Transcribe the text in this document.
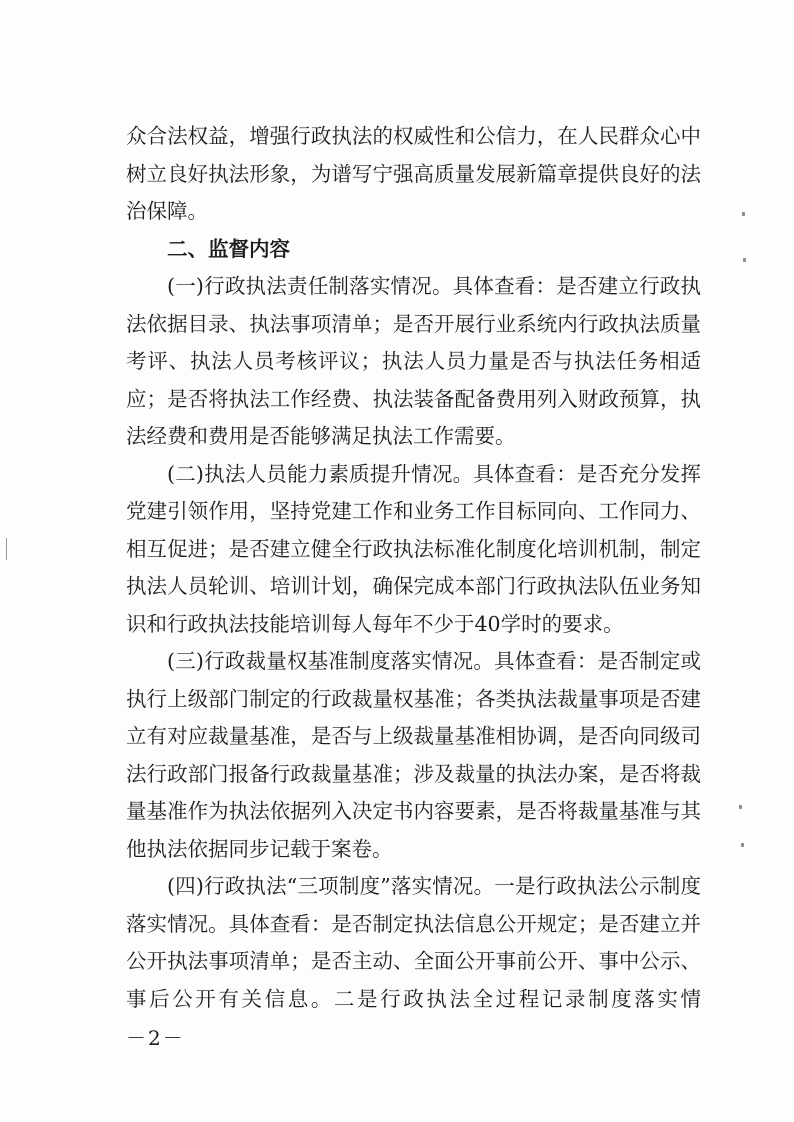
众合法权益，增强行政执法的权威性和公信力，在人民群众心中树立良好执法形象，为谱写宁强高质量发展新篇章提供良好的法治保障。

二、监督内容

(一)行政执法责任制落实情况。具体查看：是否建立行政执法依据目录、执法事项清单；是否开展行业系统内行政执法质量考评、执法人员考核评议；执法人员力量是否与执法任务相适应；是否将执法工作经费、执法装备配备费用列入财政预算，执法经费和费用是否能够满足执法工作需要。

(二)执法人员能力素质提升情况。具体查看：是否充分发挥党建引领作用，坚持党建工作和业务工作目标同向、工作同力、相互促进；是否建立健全行政执法标准化制度化培训机制，制定执法人员轮训、培训计划，确保完成本部门行政执法队伍业务知识和行政执法技能培训每人每年不少于40学时的要求。

(三)行政裁量权基准制度落实情况。具体查看：是否制定或执行上级部门制定的行政裁量权基准；各类执法裁量事项是否建立有对应裁量基准，是否与上级裁量基准相协调，是否向同级司法行政部门报备行政裁量基准；涉及裁量的执法办案，是否将裁量基准作为执法依据列入决定书内容要素，是否将裁量基准与其他执法依据同步记载于案卷。

(四)行政执法“三项制度”落实情况。一是行政执法公示制度落实情况。具体查看：是否制定执法信息公开规定；是否建立并公开执法事项清单；是否主动、全面公开事前公开、事中公示、事后公开有关信息。二是行政执法全过程记录制度落实情

－2－
